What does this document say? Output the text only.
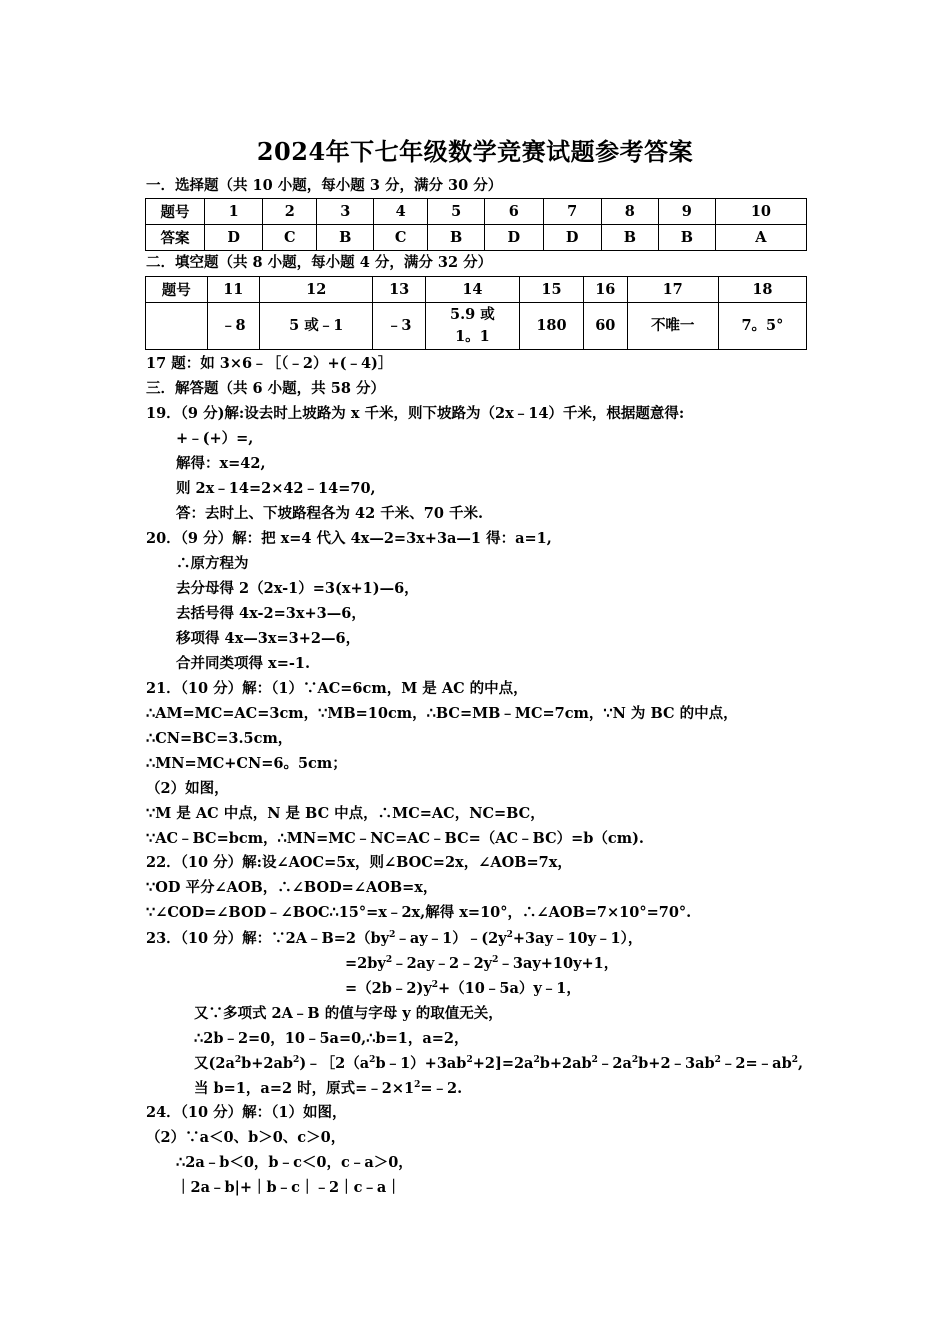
2024年下七年级数学竞赛试题参考答案
一．选择题（共 10 小题，每小题 3 分，满分 30 分）
题号	1	2	3	4	5	6	7	8	9	10
答案	D	C	B	C	B	D	D	B	B	A
二．填空题（共 8 小题，每小题 4 分，满分 32 分）
题号	11	12	13	14	15	16	17	18
	﹣8	5 或﹣1	﹣3	5.9 或
1。1	180	60	不唯一	7。5°
17 题：如 3×6﹣［（﹣2）+(﹣4)］
三．解答题（共 6 小题，共 58 分）
19．（9 分)解:设去时上坡路为 x 千米，则下坡路为（2x﹣14）千米，根据题意得:
+﹣(+）=,
解得：x=42,
则 2x﹣14=2×42﹣14=70,
答：去时上、下坡路程各为 42 千米、70 千米.
20．（9 分）解：把 x=4 代入 4x—2=3x+3a—1 得：a=1,
∴原方程为
去分母得 2（2x-1）=3(x+1)—6，
去括号得 4x-2=3x+3—6，
移项得 4x—3x=3+2—6，
合并同类项得 x=-1.
21．（10 分）解：（1）∵AC=6cm，M 是 AC 的中点，
∴AM=MC=AC=3cm，∵MB=10cm，∴BC=MB﹣MC=7cm，∵N 为 BC 的中点，
∴CN=BC=3.5cm，
∴MN=MC+CN=6。5cm；
（2）如图，
∵M 是 AC 中点，N 是 BC 中点，∴MC=AC，NC=BC，
∵AC﹣BC=bcm，∴MN=MC﹣NC=AC﹣BC=（AC﹣BC）=b（cm).
22．（10 分）解:设∠AOC=5x，则∠BOC=2x，∠AOB=7x，
∵OD 平分∠AOB，∴∠BOD=∠AOB=x，
∵∠COD=∠BOD﹣∠BOC∴15°=x﹣2x,解得 x=10°，∴∠AOB=7×10°=70°.
23．（10 分）解：$\because 2A﹣B=2(by^2﹣ay﹣1)﹣(2y^2+3ay﹣10y﹣1)$，
$=2by^2﹣2ay﹣2﹣2y^2﹣3ay+10y+1$，
$=(2b﹣2)y^2+(10﹣5a)y﹣1$，
又∵多项式 2A﹣B 的值与字母 y 的取值无关，
∴2b﹣2=0，10﹣5a=0,∴b=1，a=2，
又$(2a^2b+2ab^2)﹣[2(a^2b﹣1)+3ab^2+2]=2a^2b+2ab^2﹣2a^2b+2﹣3ab^2﹣2=﹣ab^2$,
当 b=1，a=2 时，原式$=﹣2\times 1^2=﹣2$.
24．（10 分）解：（1）如图，
（2）∵a＜0、b＞0、c＞0，
∴2a﹣b＜0，b﹣c＜0，c﹣a＞0，
｜2a﹣b|+｜b﹣c｜﹣2｜c﹣a｜
